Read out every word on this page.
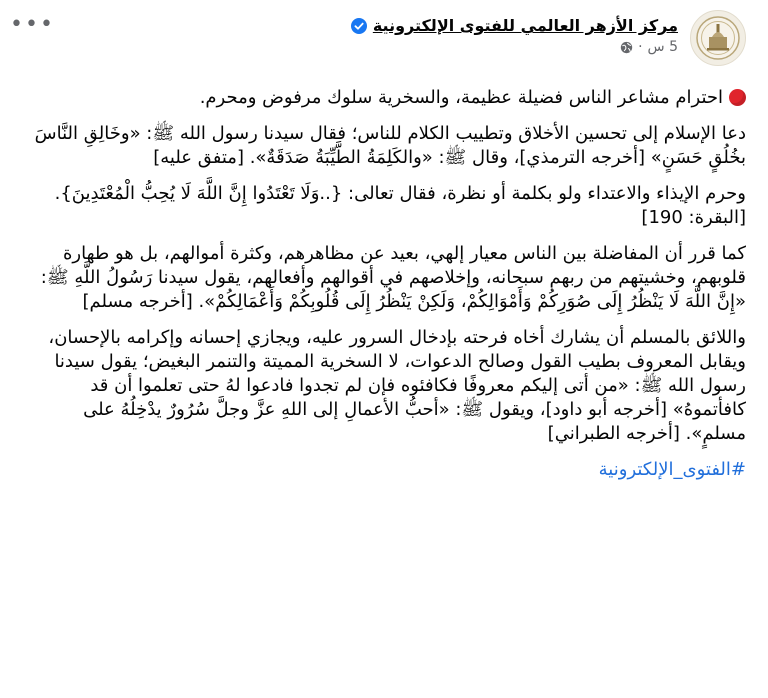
مركز الأزهر العالمي للفتوى الإلكترونية
5 س
·
•••

احترام مشاعر الناس فضيلة عظيمة، والسخرية سلوك مرفوض ومحرم.

دعا الإسلام إلى تحسين الأخلاق وتطييب الكلام للناس؛ فقال سيدنا رسول الله ﷺ: «وخَالِقِ النَّاسَ بخُلُقٍ حَسَنٍ» [أخرجه الترمذي]، وقال ﷺ: «والكَلِمَةُ الطَّيِّبَةُ صَدَقَةٌ». [متفق عليه]

وحرم الإيذاء والاعتداء ولو بكلمة أو نظرة، فقال تعالى: {..وَلَا تَعْتَدُوا إِنَّ اللَّهَ لَا يُحِبُّ الْمُعْتَدِينَ}. [البقرة: 190]

كما قرر أن المفاضلة بين الناس معيار إلهي، بعيد عن مظاهرهم، وكثرة أموالهم، بل هو طهارة قلوبهم، وخشيتهم من ربهم سبحانه، وإخلاصهم في أقوالهم وأفعالهم، يقول سيدنا رَسُولُ اللَّهِ ﷺ: «إِنَّ اللَّهَ لَا يَنْظُرُ إِلَى صُوَرِكُمْ وَأَمْوَالِكُمْ، وَلَكِنْ يَنْظُرُ إِلَى قُلُوبِكُمْ وَأَعْمَالِكُمْ». [أخرجه مسلم]

واللائق بالمسلم أن يشارك أخاه فرحته بإدخال السرور عليه، ويجازي إحسانه وإكرامه بالإحسان، ويقابل المعروف بطيب القول وصالح الدعوات، لا السخرية المميتة والتنمر البغيض؛ يقول سيدنا رسول الله ﷺ: «من أتى إليكم معروفًا فكافئوه فإن لم تجدوا فادعوا لهُ حتى تعلموا أن قد كافأتموهُ» [أخرجه أبو داود]، ويقول ﷺ: «أحبُّ الأعمالِ إلى اللهِ عزَّ وجلَّ سُرُورٌ يدْخِلُهُ على مسلمٍ». [أخرجه الطبراني]

#الفتوى_الإلكترونية
